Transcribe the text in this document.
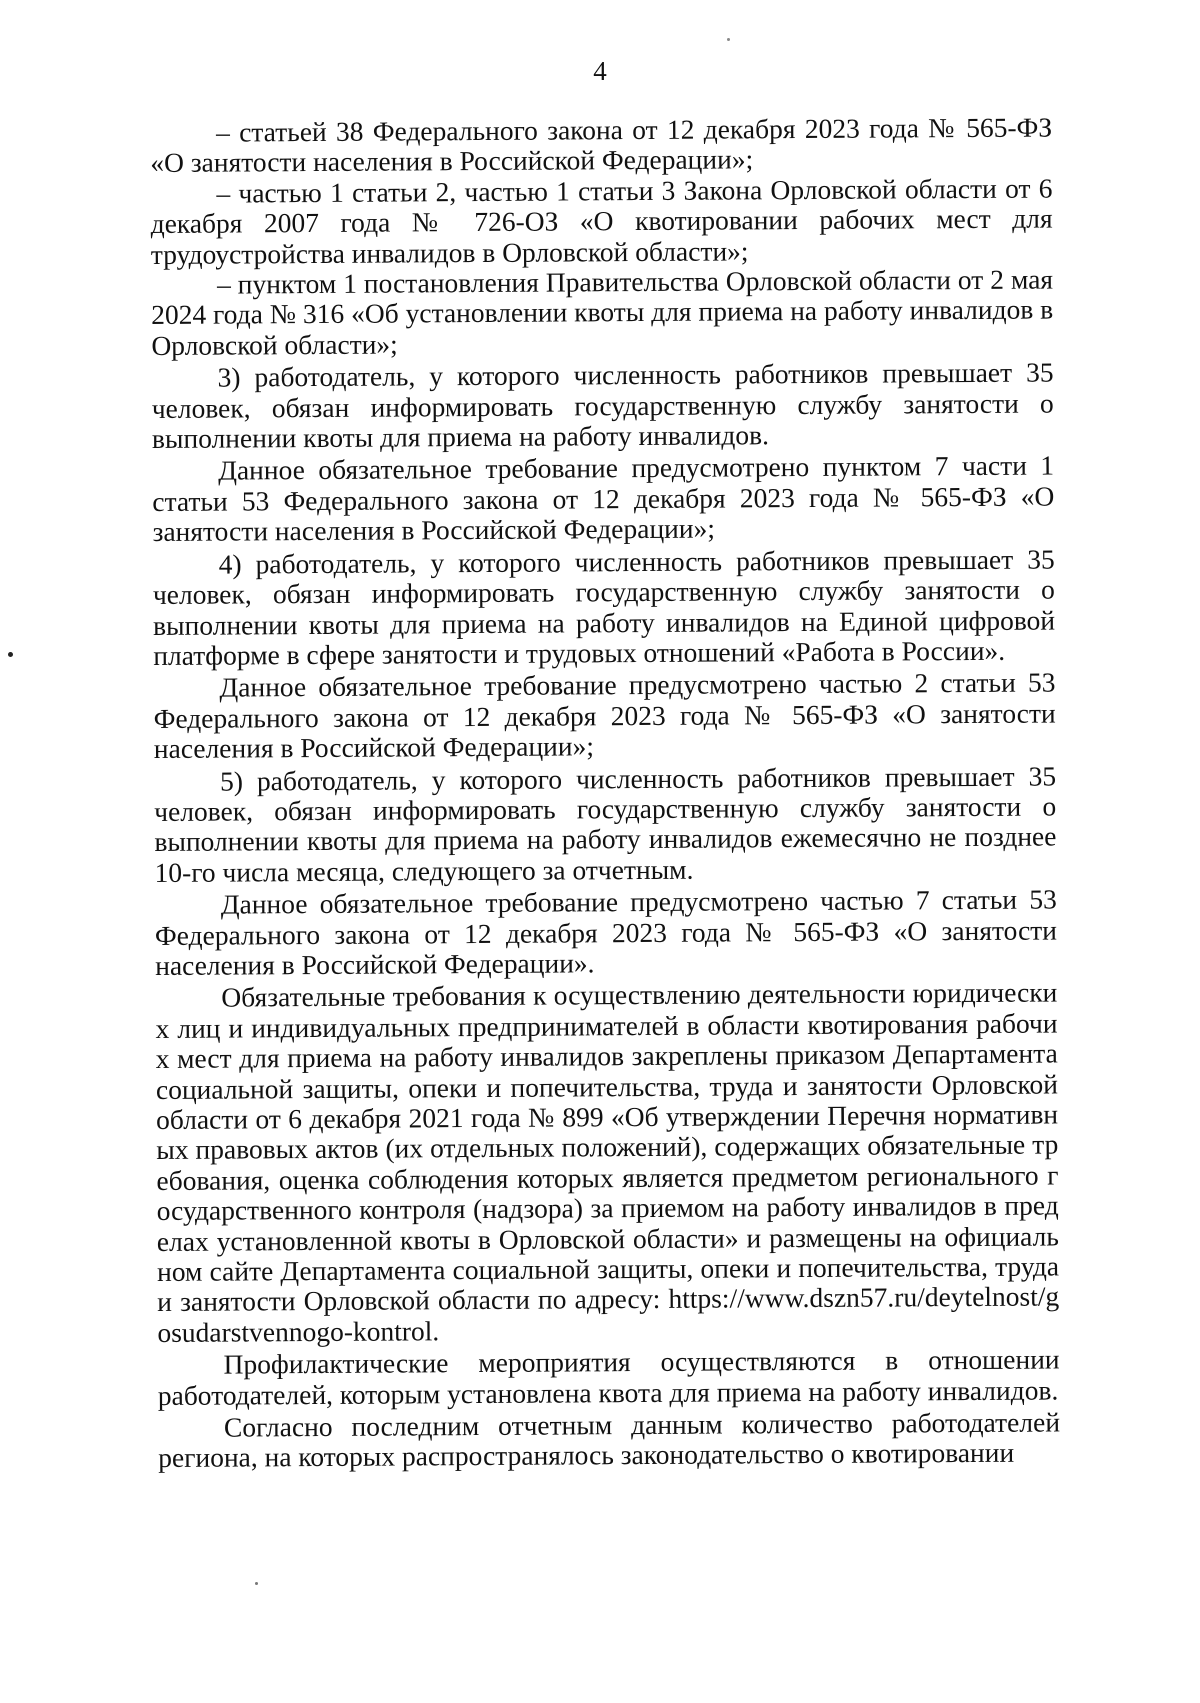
4

– статьей 38 Федерального закона от 12 декабря 2023 года № 565-ФЗ «О занятости населения в Российской Федерации»;

– частью 1 статьи 2, частью 1 статьи 3 Закона Орловской области от 6 декабря 2007 года № 726-ОЗ «О квотировании рабочих мест для трудоустройства инвалидов в Орловской области»;

– пунктом 1 постановления Правительства Орловской области от 2 мая 2024 года № 316 «Об установлении квоты для приема на работу инвалидов в Орловской области»;

3) работодатель, у которого численность работников превышает 35 человек, обязан информировать государственную службу занятости о выполнении квоты для приема на работу инвалидов.

Данное обязательное требование предусмотрено пунктом 7 части 1 статьи 53 Федерального закона от 12 декабря 2023 года № 565-ФЗ «О занятости населения в Российской Федерации»;

4) работодатель, у которого численность работников превышает 35 человек, обязан информировать государственную службу занятости о выполнении квоты для приема на работу инвалидов на Единой цифровой платформе в сфере занятости и трудовых отношений «Работа в России».

Данное обязательное требование предусмотрено частью 2 статьи 53 Федерального закона от 12 декабря 2023 года № 565-ФЗ «О занятости населения в Российской Федерации»;

5) работодатель, у которого численность работников превышает 35 человек, обязан информировать государственную службу занятости о выполнении квоты для приема на работу инвалидов ежемесячно не позднее 10-го числа месяца, следующего за отчетным.

Данное обязательное требование предусмотрено частью 7 статьи 53 Федерального закона от 12 декабря 2023 года № 565-ФЗ «О занятости населения в Российской Федерации».

Обязательные требования к осуществлению деятельности юридических лиц и индивидуальных предпринимателей в области квотирования рабочих мест для приема на работу инвалидов закреплены приказом Департамента социальной защиты, опеки и попечительства, труда и занятости Орловской области от 6 декабря 2021 года № 899 «Об утверждении Перечня нормативных правовых актов (их отдельных положений), содержащих обязательные требования, оценка соблюдения которых является предметом регионального государственного контроля (надзора) за приемом на работу инвалидов в пределах установленной квоты в Орловской области» и размещены на официальном сайте Департамента социальной защиты, опеки и попечительства, труда и занятости Орловской области по адресу: https://www.dszn57.ru/deytelnost/gosudarstvennogo-kontrol.

Профилактические мероприятия осуществляются в отношении работодателей, которым установлена квота для приема на работу инвалидов.

Согласно последним отчетным данным количество работодателей региона, на которых распространялось законодательство о квотировании
